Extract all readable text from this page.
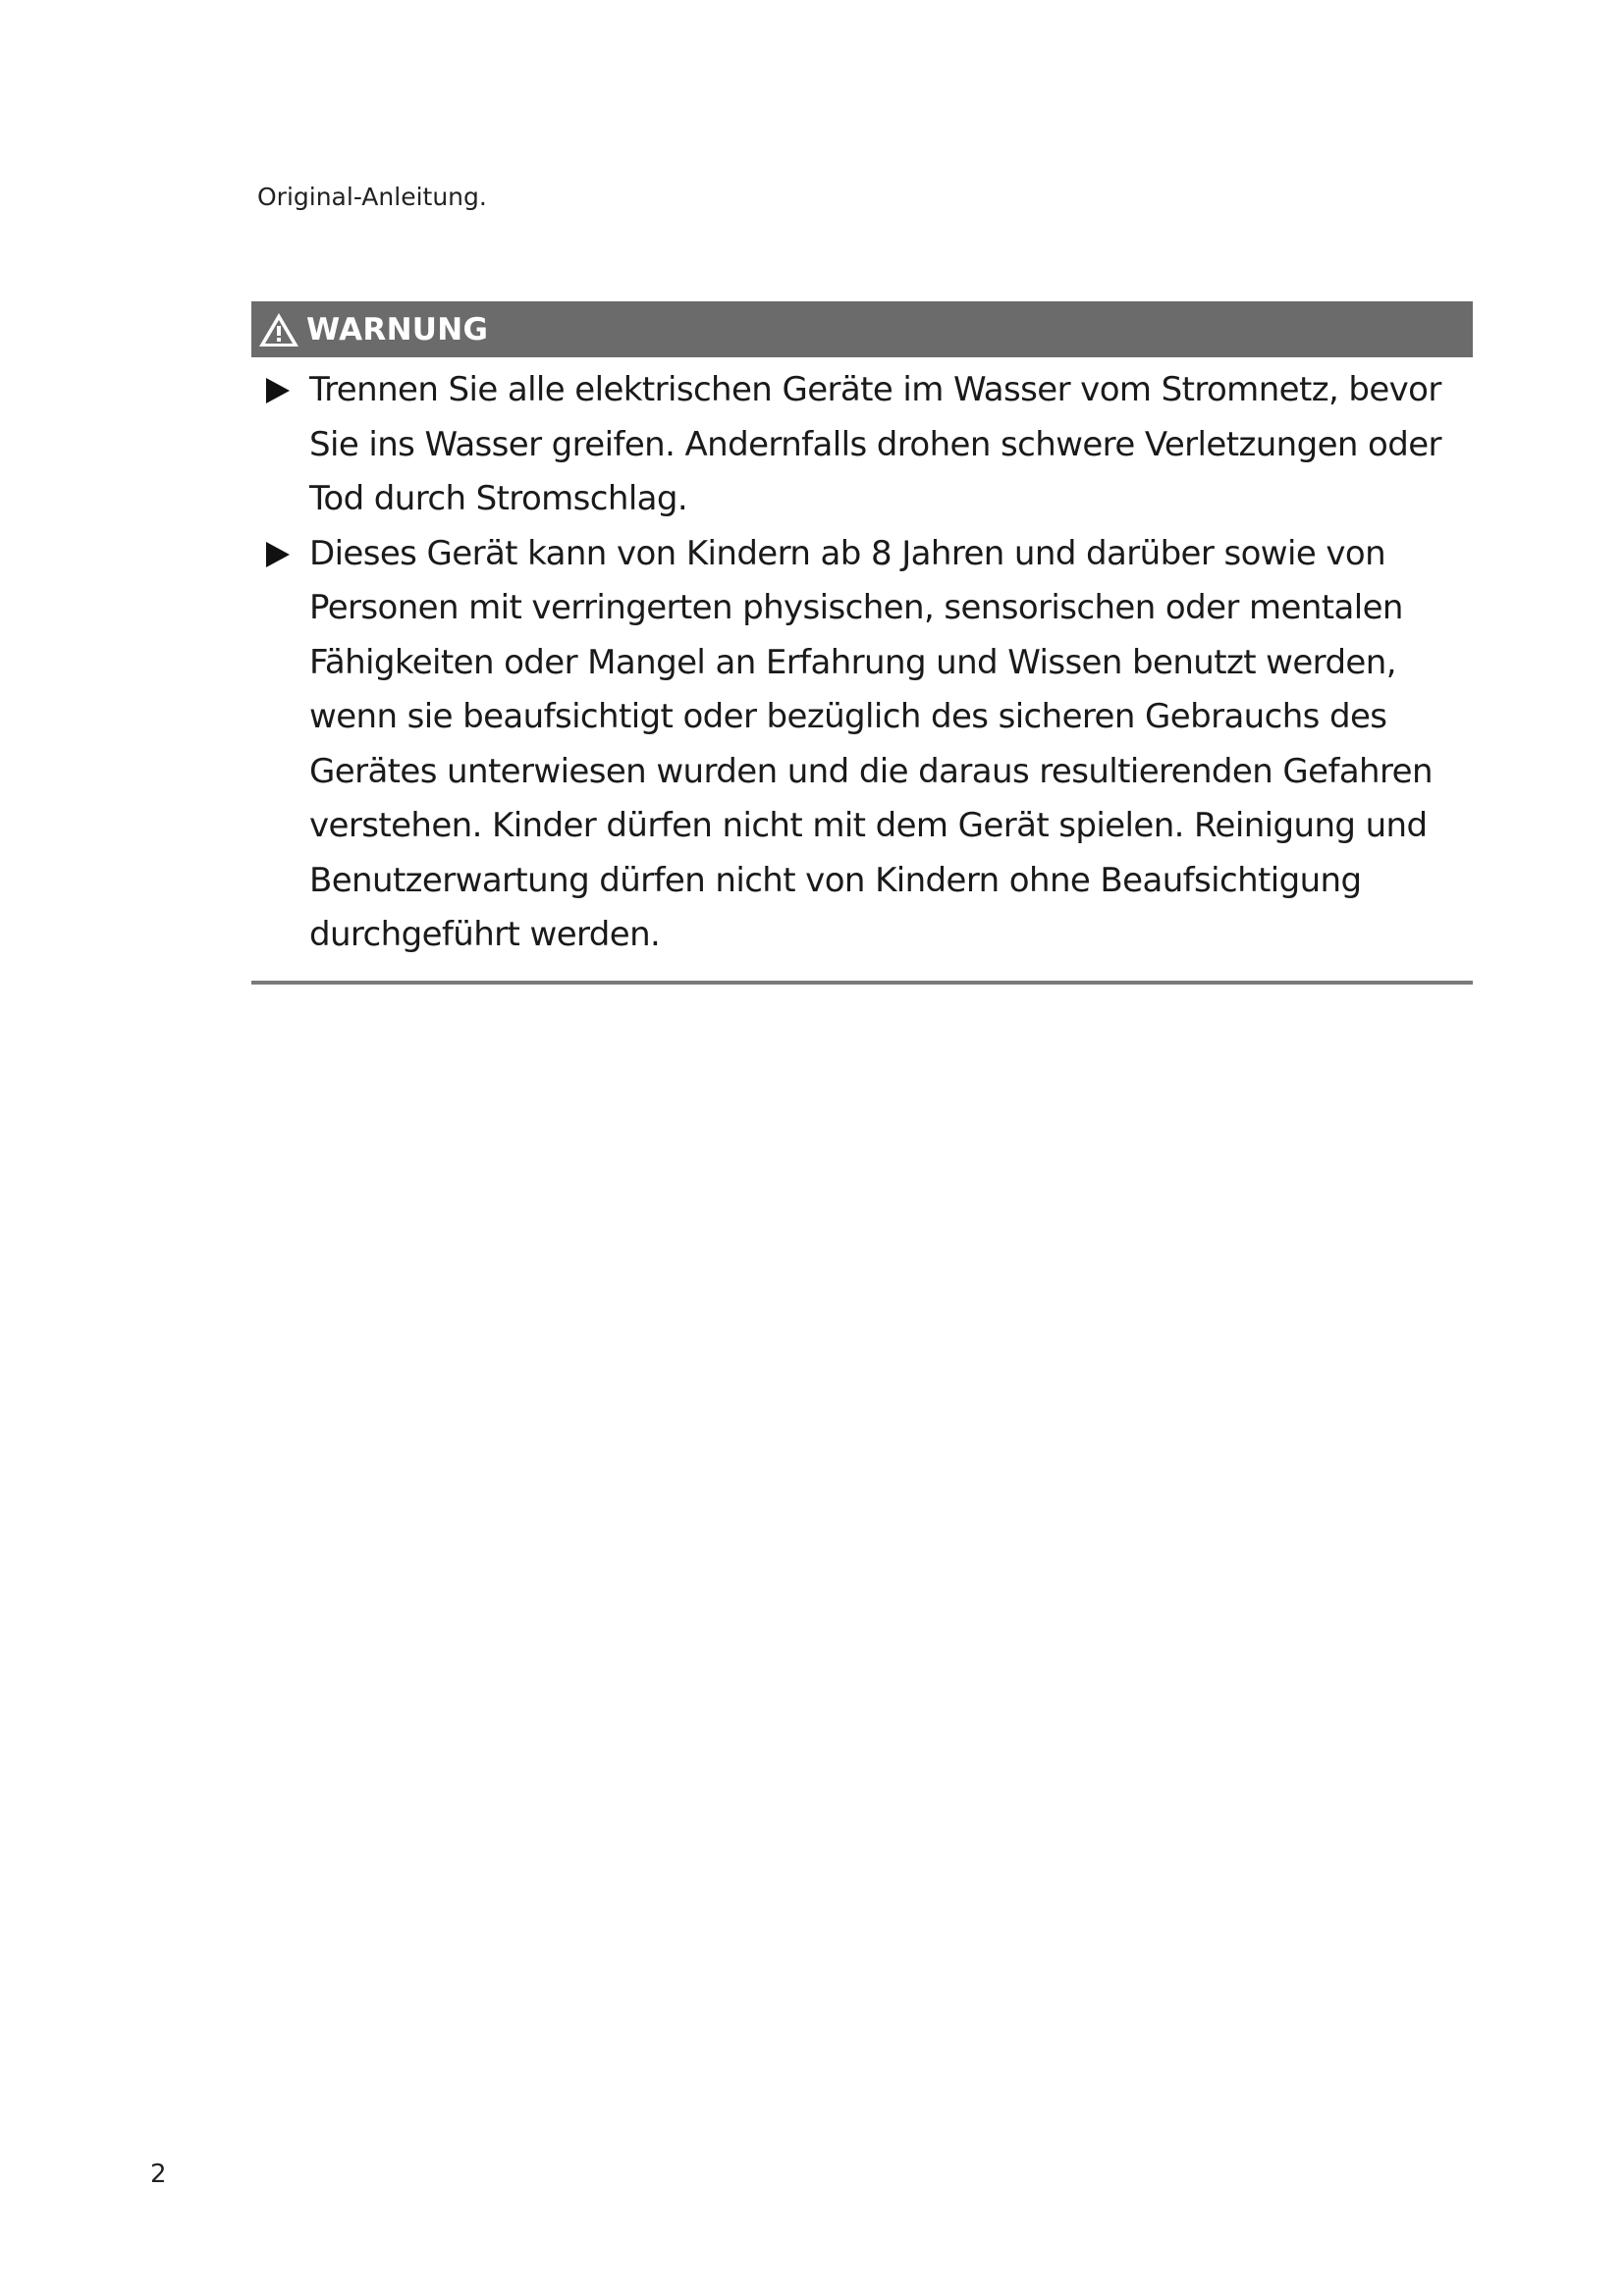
Original-Anleitung.
WARNUNG
Trennen Sie alle elektrischen Geräte im Wasser vom Stromnetz, bevor Sie ins Wasser greifen. Andernfalls drohen schwere Verletzungen oder Tod durch Stromschlag.
Dieses Gerät kann von Kindern ab 8 Jahren und darüber sowie von Personen mit verringerten physischen, sensorischen oder mentalen Fähigkeiten oder Mangel an Erfahrung und Wissen benutzt werden, wenn sie beaufsichtigt oder bezüglich des sicheren Gebrauchs des Gerätes unterwiesen wurden und die daraus resultierenden Gefahren verstehen. Kinder dürfen nicht mit dem Gerät spielen. Reinigung und Benutzerwartung dürfen nicht von Kindern ohne Beaufsichtigung durchgeführt werden.
2
